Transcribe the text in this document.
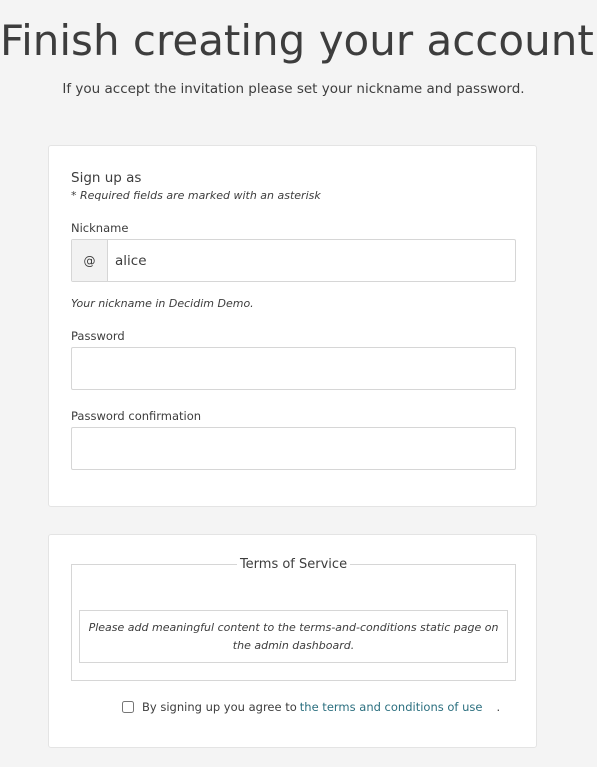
Finish creating your account

If you accept the invitation please set your nickname and password.

Sign up as
* Required fields are marked with an asterisk
Nickname
@
alice
Your nickname in Decidim Demo.
Password
Password confirmation
Terms of Service
Please add meaningful content to the terms-and-conditions static page on the admin dashboard.
By signing up you agree to the terms and conditions of use .
